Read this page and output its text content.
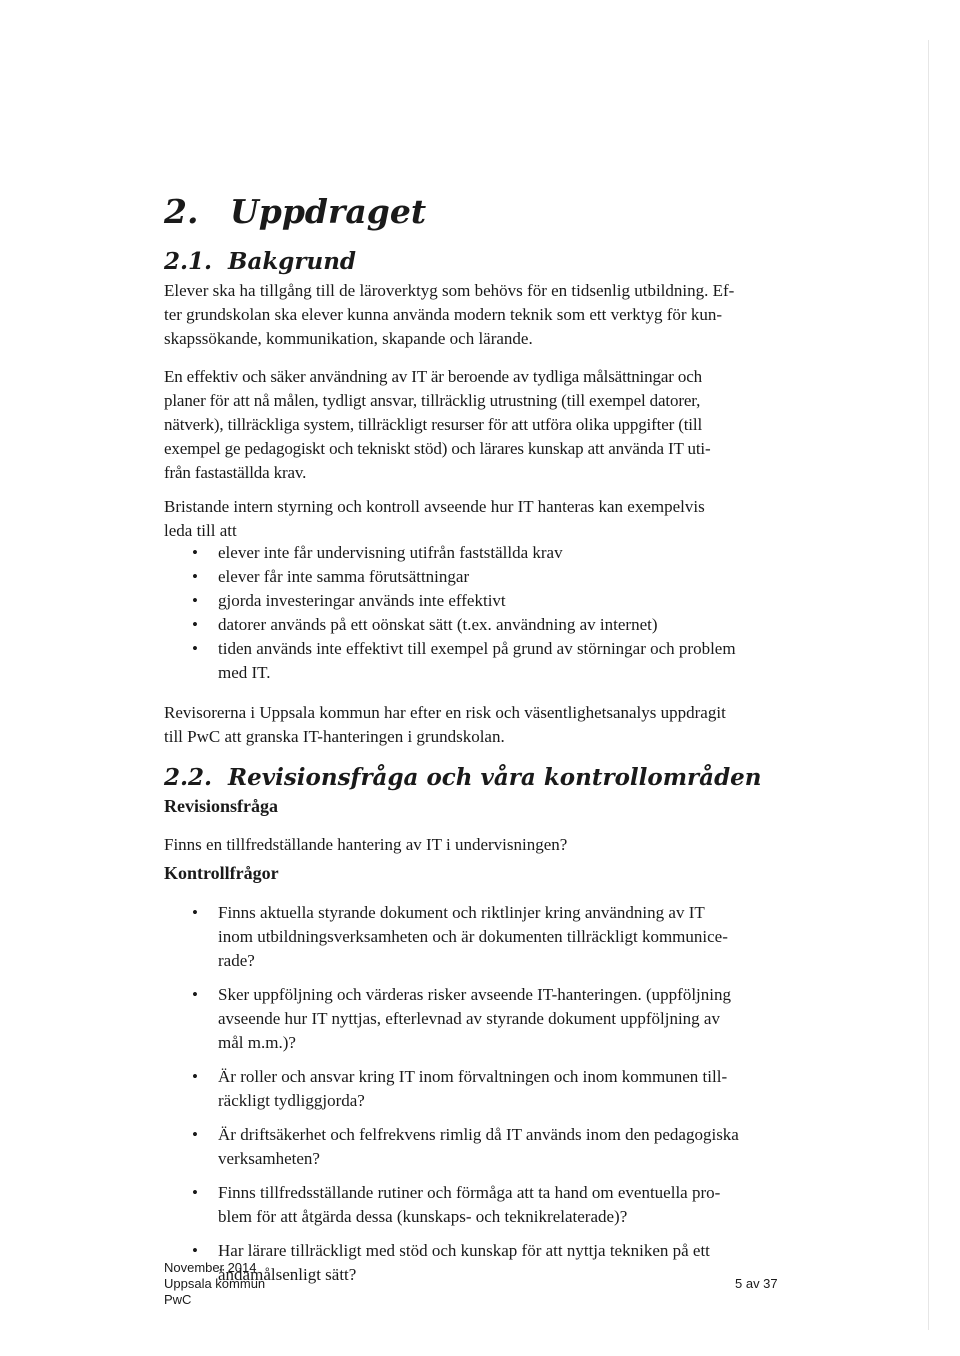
2. Uppdraget
2.1. Bakgrund
Elever ska ha tillgång till de läroverktyg som behövs för en tidsenlig utbildning. Ef-
ter grundskolan ska elever kunna använda modern teknik som ett verktyg för kun-
skapssökande, kommunikation, skapande och lärande.
En effektiv och säker användning av IT är beroende av tydliga målsättningar och
planer för att nå målen, tydligt ansvar, tillräcklig utrustning (till exempel datorer,
nätverk), tillräckliga system, tillräckligt resurser för att utföra olika uppgifter (till
exempel ge pedagogiskt och tekniskt stöd) och lärares kunskap att använda IT uti-
från fastaställda krav.
Bristande intern styrning och kontroll avseende hur IT hanteras kan exempelvis
leda till att
• elever inte får undervisning utifrån fastställda krav
• elever får inte samma förutsättningar
• gjorda investeringar används inte effektivt
• datorer används på ett oönskat sätt (t.ex. användning av internet)
• tiden används inte effektivt till exempel på grund av störningar och problem
med IT.
Revisorerna i Uppsala kommun har efter en risk och väsentlighetsanalys uppdragit
till PwC att granska IT-hanteringen i grundskolan.
2.2. Revisionsfråga och våra kontrollområden
Revisionsfråga
Finns en tillfredställande hantering av IT i undervisningen?
Kontrollfrågor
• Finns aktuella styrande dokument och riktlinjer kring användning av IT
inom utbildningsverksamheten och är dokumenten tillräckligt kommunice-
rade?
• Sker uppföljning och värderas risker avseende IT-hanteringen. (uppföljning
avseende hur IT nyttjas, efterlevnad av styrande dokument uppföljning av
mål m.m.)?
• Är roller och ansvar kring IT inom förvaltningen och inom kommunen till-
räckligt tydliggjorda?
• Är driftsäkerhet och felfrekvens rimlig då IT används inom den pedagogiska
verksamheten?
• Finns tillfredsställande rutiner och förmåga att ta hand om eventuella pro-
blem för att åtgärda dessa (kunskaps- och teknikrelaterade)?
• Har lärare tillräckligt med stöd och kunskap för att nyttja tekniken på ett
ändamålsenligt sätt?
November 2014
Uppsala kommun
PwC
5 av 37
